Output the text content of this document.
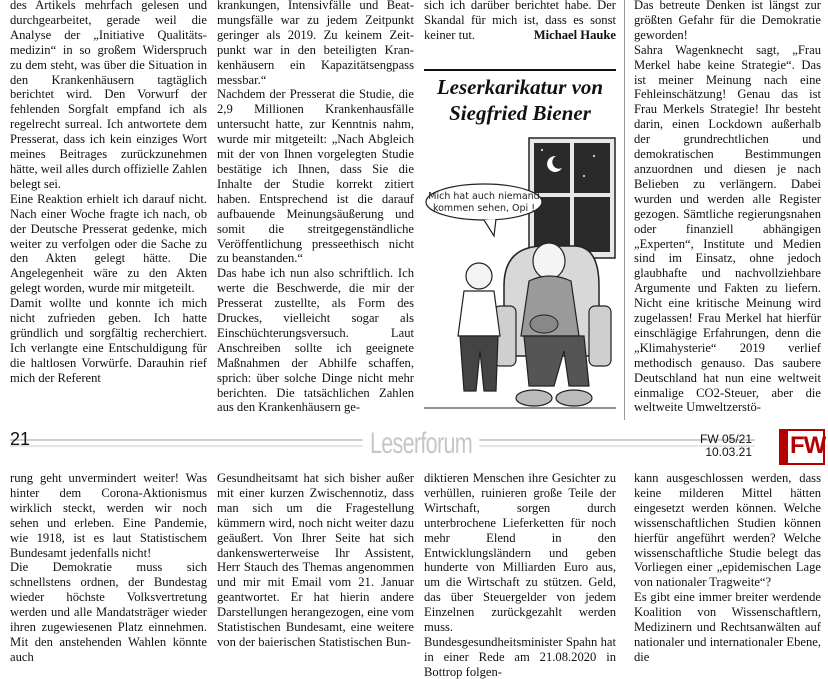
des Artikels mehrfach gelesen und durchgearbeitet, gerade weil die Analyse der „Initiative Qualitätsmedizin“ in so großem Widerspruch zu dem steht, was über die Situation in den Krankenhäusern tagtäglich berichtet wird. Den Vorwurf der fehlenden Sorgfalt empfand ich als regelrecht surreal. Ich antwortete dem Presserat, dass ich kein einziges Wort meines Beitrages zurückzunehmen hätte, weil alles durch offizielle Zahlen belegt sei.

Eine Reaktion erhielt ich darauf nicht. Nach einer Woche fragte ich nach, ob der Deutsche Presserat gedenke, mich weiter zu verfolgen oder die Sache zu den Akten gelegt hätte. Die Angelegenheit wäre zu den Akten gelegt worden, wurde mir mitgeteilt.

Damit wollte und konnte ich mich nicht zufrieden geben. Ich hatte gründlich und sorgfältig recherchiert. Ich verlangte eine Entschuldigung für die haltlosen Vorwürfe. Darauhin rief mich der Referent

krankungen, Intensivfälle und Beatmungsfälle war zu jedem Zeitpunkt geringer als 2019. Zu keinem Zeitpunkt war in den beteiligten Krankenhäusern ein Kapazitätsengpass messbar.“

Nachdem der Presserat die Studie, die 2,9 Millionen Krankenhausfälle untersucht hatte, zur Kenntnis nahm, wurde mir mitgeteilt: „Nach Abgleich mit der von Ihnen vorgelegten Studie bestätige ich Ihnen, dass Sie die Inhalte der Studie korrekt zitiert haben. Entsprechend ist die darauf aufbauende Meinungsäußerung und somit die streitgegenständliche Veröffentlichung presseethisch nicht zu beanstanden.“

Das habe ich nun also schriftlich. Ich werte die Beschwerde, die mir der Presserat zustellte, als Form des Druckes, vielleicht sogar als Einschüchterungsversuch. Laut Anschreiben sollte ich geeignete Maßnahmen der Abhilfe schaffen, sprich: über solche Dinge nicht mehr berichten. Die tatsächlichen Zahlen aus den Krankenhäusern ge-

sich ich darüber berichtet habe. Der Skandal für mich ist, dass es sonst keiner tut.	Michael Hauke

Leserkarikatur von
Siegfried Biener
Mich hat auch niemand
kommen sehen, Opi !

Das betreute Denken ist längst zur größten Gefahr für die Demokratie geworden!

Sahra Wagenknecht sagt, „Frau Merkel habe keine Strategie“. Das ist meiner Meinung nach eine Fehleinschätzung! Genau das ist Frau Merkels Strategie! Ihr besteht darin, einen Lockdown außerhalb der grundrechtlichen und demokratischen Bestimmungen anzuordnen und diesen je nach Belieben zu verlängern. Dabei wurden und werden alle Register gezogen. Sämtliche regierungsnahen oder finanziell abhängigen „Experten“, Institute und Medien sind im Einsatz, ohne jedoch glaubhafte und nachvollziehbare Argumente und Fakten zu liefern. Nicht eine kritische Meinung wird zugelassen! Frau Merkel hat hierfür einschlägige Erfahrungen, denn die „Klimahysterie“ 2019 verlief methodisch genauso. Das saubere Deutschland hat nun eine weltweit einmalige CO2-Steuer, aber die weltweite Umweltzerstö-

21	Leserforum	FW 05/21
10.03.21 FW

rung geht unvermindert weiter! Was hinter dem Corona-Aktionismus wirklich steckt, werden wir noch sehen und erleben. Eine Pandemie, wie 1918, ist es laut Statistischem Bundesamt jedenfalls nicht!

Die Demokratie muss sich schnellstens ordnen, der Bundestag wieder höchste Volksvertretung werden und alle Mandatsträger wieder ihren zugewiesenen Platz einnehmen. Mit den anstehenden Wahlen könnte auch

Gesundheitsamt hat sich bisher außer mit einer kurzen Zwischennotiz, dass man sich um die Fragestellung kümmern wird, noch nicht weiter dazu geäußert. Von Ihrer Seite hat sich dankenswerterweise Ihr Assistent, Herr Stauch des Themas angenommen und mir mit Email vom 21. Januar geantwortet. Er hat hierin andere Darstellungen herangezogen, eine vom Statistischen Bundesamt, eine weitere von der baierischen Statistischen Bun-

diktieren Menschen ihre Gesichter zu verhüllen, ruinieren große Teile der Wirtschaft, sorgen durch unterbrochene Lieferketten für noch mehr Elend in den Entwicklungsländern und geben hunderte von Milliarden Euro aus, um die Wirtschaft zu stützen. Geld, das über Steuergelder von jedem Einzelnen zurückgezahlt werden muss.

Bundesgesundheitsminister Spahn hat in einer Rede am 21.08.2020 in Bottrop folgen-

kann ausgeschlossen werden, dass keine milderen Mittel hätten eingesetzt werden können. Welche wissenschaftlichen Studien können hierfür angeführt werden? Welche wissenschaftliche Studie belegt das Vorliegen einer „epidemischen Lage von nationaler Tragweite“?

Es gibt eine immer breiter werdende Koalition von Wissenschaftlern, Medizinern und Rechtsanwälten auf nationaler und internationaler Ebene, die
